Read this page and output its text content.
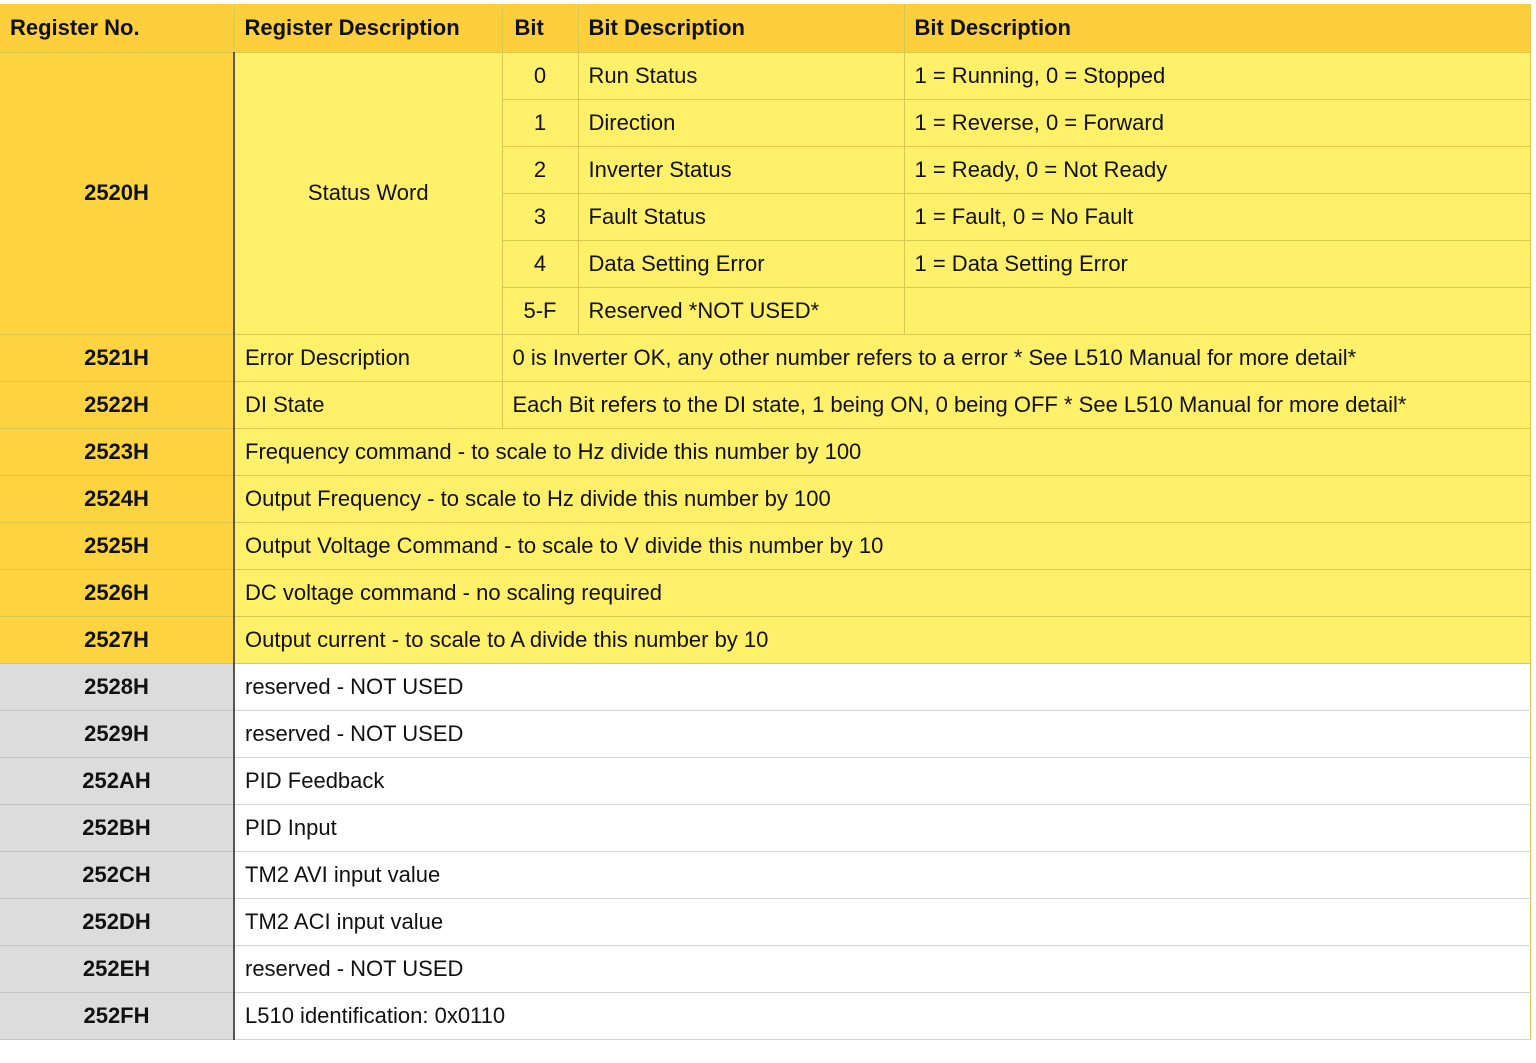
Register No.	Register Description	Bit	Bit Description	Bit Description
2520H	Status Word	0	Run Status	1 = Running, 0 = Stopped
		1	Direction	1 = Reverse, 0 = Forward
		2	Inverter Status	1 = Ready, 0 = Not Ready
		3	Fault Status	1 = Fault, 0 = No Fault
		4	Data Setting Error	1 = Data Setting Error
		5-F	Reserved *NOT USED*	
2521H	Error Description	0 is Inverter OK, any other number refers to a error * See L510 Manual for more detail*		
2522H	DI State	Each Bit refers to the DI state, 1 being ON, 0 being OFF * See L510 Manual for more detail*		
2523H	Frequency command - to scale to Hz divide this number by 100			
2524H	Output Frequency - to scale to Hz divide this number by 100			
2525H	Output Voltage Command - to scale to V divide this number by 10			
2526H	DC voltage command - no scaling required			
2527H	Output current - to scale to A divide this number by 10			
2528H	reserved - NOT USED			
2529H	reserved - NOT USED			
252AH	PID Feedback			
252BH	PID Input			
252CH	TM2 AVI input value			
252DH	TM2 ACI input value			
252EH	reserved - NOT USED			
252FH	L510 identification: 0x0110			
